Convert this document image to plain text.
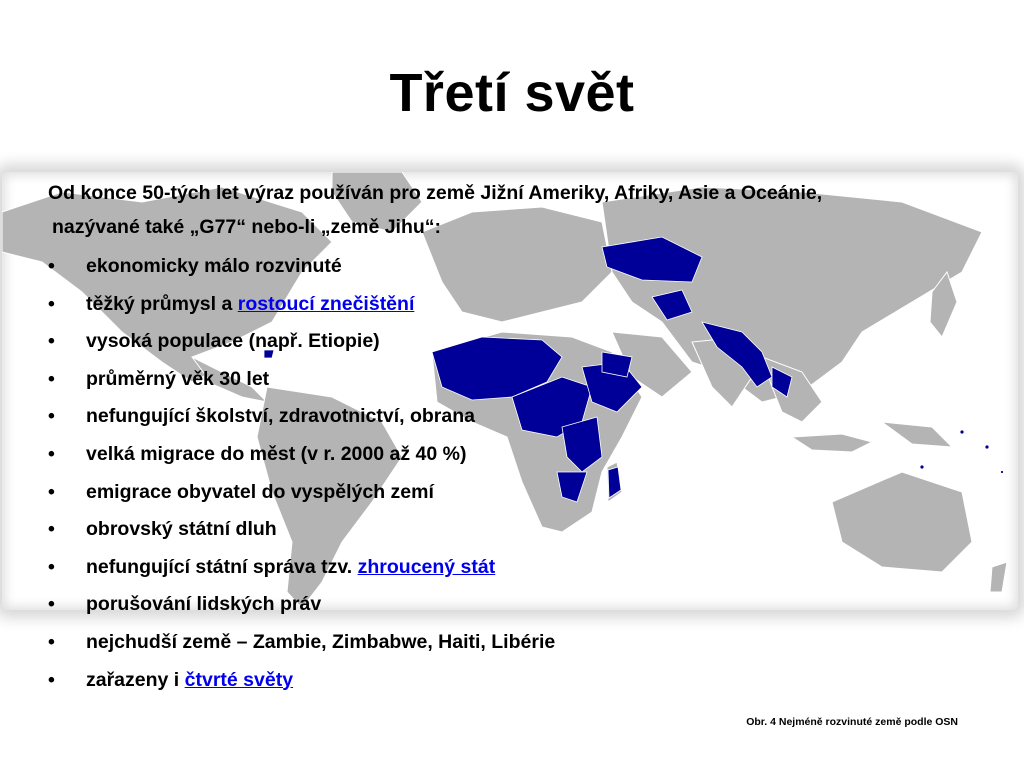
Třetí svět

Od konce 50-tých let výraz používán pro země Jižní Ameriky, Afriky, Asie a Oceánie,

nazývané také „G77“ nebo-li „země Jihu“:

• ekonomicky málo rozvinuté
• těžký průmysl a rostoucí znečištění
• vysoká populace (např. Etiopie)
• průměrný věk 30 let
• nefungující školství, zdravotnictví, obrana
• velká migrace do měst (v r. 2000 až 40 %)
• emigrace obyvatel do vyspělých zemí
• obrovský státní dluh
• nefungující státní správa tzv. zhroucený stát
• porušování lidských práv
• nejchudší země – Zambie, Zimbabwe, Haiti, Libérie
• zařazeny i čtvrté světy
Obr. 4 Nejméně rozvinuté země podle OSN
